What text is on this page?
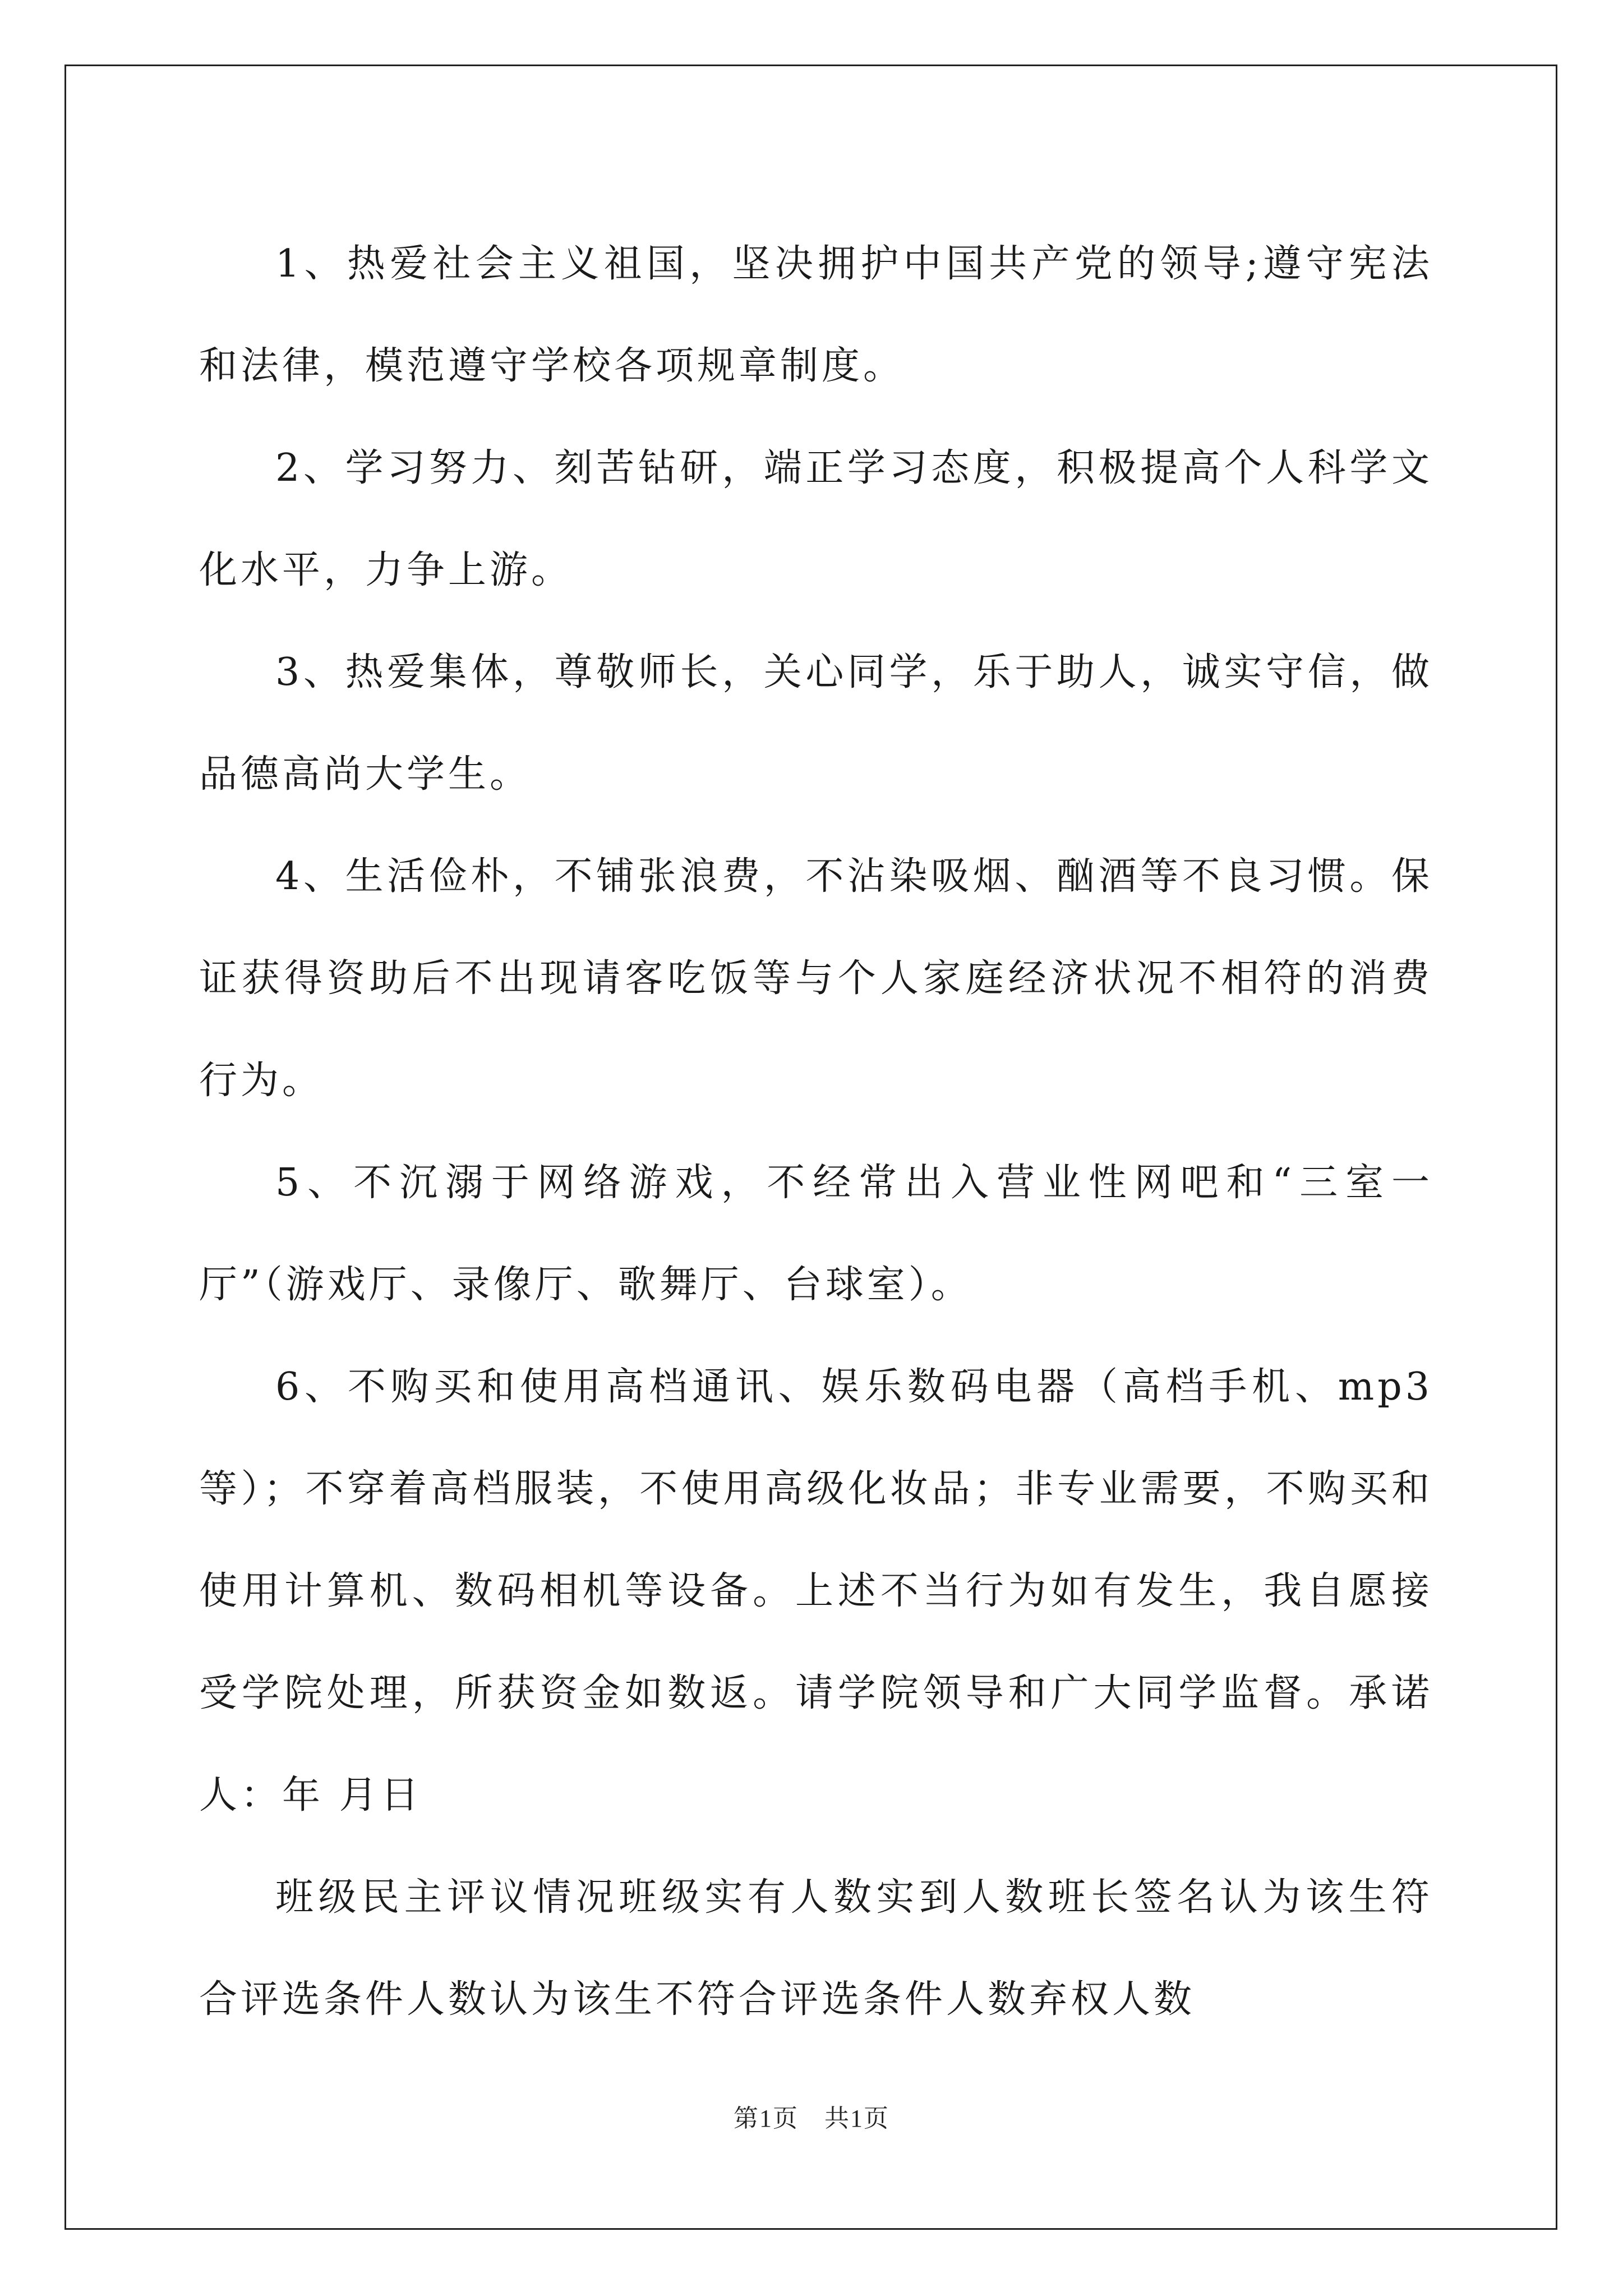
1、热爱社会主义祖国，坚决拥护中国共产党的领导;遵守宪法和法律，模范遵守学校各项规章制度。

2、学习努力、刻苦钻研，端正学习态度，积极提高个人科学文化水平，力争上游。

3、热爱集体，尊敬师长，关心同学，乐于助人，诚实守信，做品德高尚大学生。

4、生活俭朴，不铺张浪费，不沾染吸烟、酗酒等不良习惯。保证获得资助后不出现请客吃饭等与个人家庭经济状况不相符的消费行为。

5、不沉溺于网络游戏，不经常出入营业性网吧和“三室一厅”（游戏厅、录像厅、歌舞厅、台球室）。

6、不购买和使用高档通讯、娱乐数码电器（高档手机、mp3 等）；不穿着高档服装，不使用高级化妆品；非专业需要，不购买和使用计算机、数码相机等设备。上述不当行为如有发生，我自愿接受学院处理，所获资金如数返。请学院领导和广大同学监督。承诺人：年 月日

班级民主评议情况班级实有人数实到人数班长签名认为该生符合评选条件人数认为该生不符合评选条件人数弃权人数

第1页　共1页
